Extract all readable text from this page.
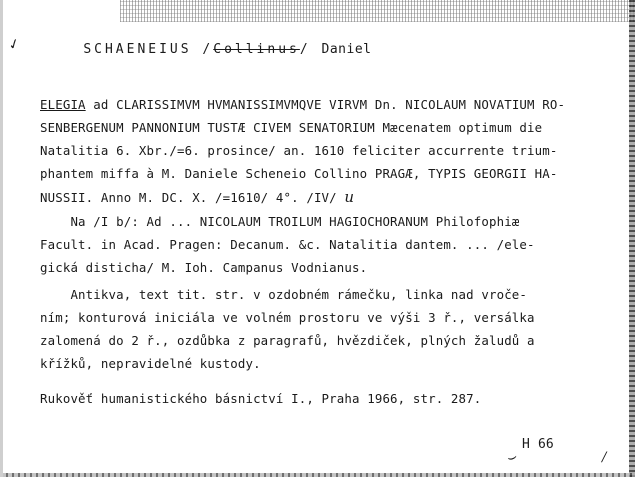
SCHAENEIUS /Collinus/ Daniel

✓
ELEGIA ad CLARISSIMVM HVMANISSIMVMQVE VIRVM Dn. NICOLAUM NOVATIUM RO-
SENBERGENUM PANNONIUM TUSTÆ CIVEM SENATORIUM Mæcenatem optimum die
Natalitia 6. Xbr./=6. prosince/ an. 1610 feliciter accurrente trium-
phantem miffa à M. Daniele Scheneio Collino PRAGÆ, TYPIS GEORGII HA-
NUSSII. Anno M. DC. X. /=1610/ 4°. /IV/ u
Na /I b/: Ad ... NICOLAUM TROILUM HAGIOCHORANUM Philofophiæ
Facult. in Acad. Pragen: Decanum. &c. Natalitia dantem. ... /ele-
gická disticha/ M. Ioh. Campanus Vodnianus.
Antikva, text tit. str. v ozdobném rámečku, linka nad vroče-
ním; konturová iniciála ve volném prostoru ve výši 3 ř., versálka
zalomená do 2 ř., ozdůbka z paragrafů, hvězdiček, plných žaludů a
křížků, nepravidelné kustody.
Rukověť humanistického básnictví I., Praha 1966, str. 287.
H 66
⌣	/
